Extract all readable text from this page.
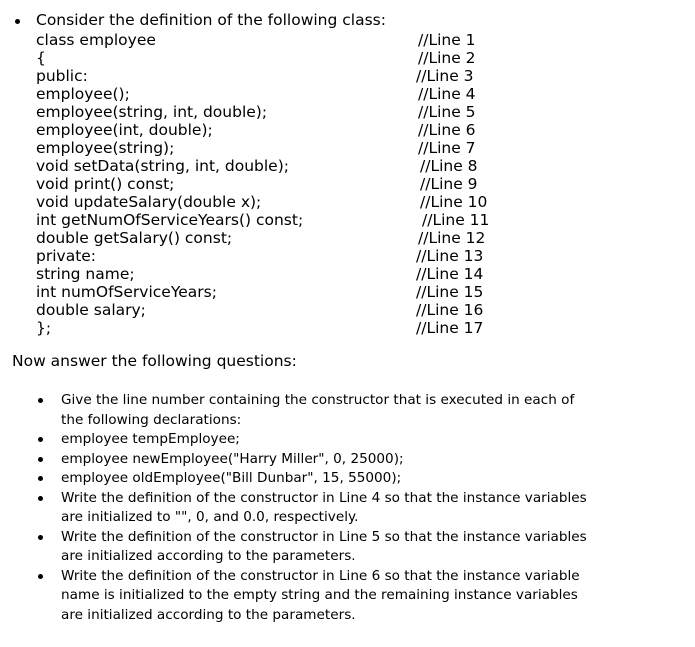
Consider the definition of the following class:
class employee	//Line 1
{	//Line 2
public:	//Line 3
employee();	//Line 4
employee(string, int, double);	//Line 5
employee(int, double);	//Line 6
employee(string);	//Line 7
void setData(string, int, double);	//Line 8
void print() const;	//Line 9
void updateSalary(double x);	//Line 10
int getNumOfServiceYears() const;	//Line 11
double getSalary() const;	//Line 12
private:	//Line 13
string name;	//Line 14
int numOfServiceYears;	//Line 15
double salary;	//Line 16
};	//Line 17
Now answer the following questions:
Give the line number containing the constructor that is executed in each of the following declarations:
employee tempEmployee;
employee newEmployee("Harry Miller", 0, 25000);
employee oldEmployee("Bill Dunbar", 15, 55000);
Write the definition of the constructor in Line 4 so that the instance variables are initialized to "", 0, and 0.0, respectively.
Write the definition of the constructor in Line 5 so that the instance variables are initialized according to the parameters.
Write the definition of the constructor in Line 6 so that the instance variable name is initialized to the empty string and the remaining instance variables are initialized according to the parameters.
